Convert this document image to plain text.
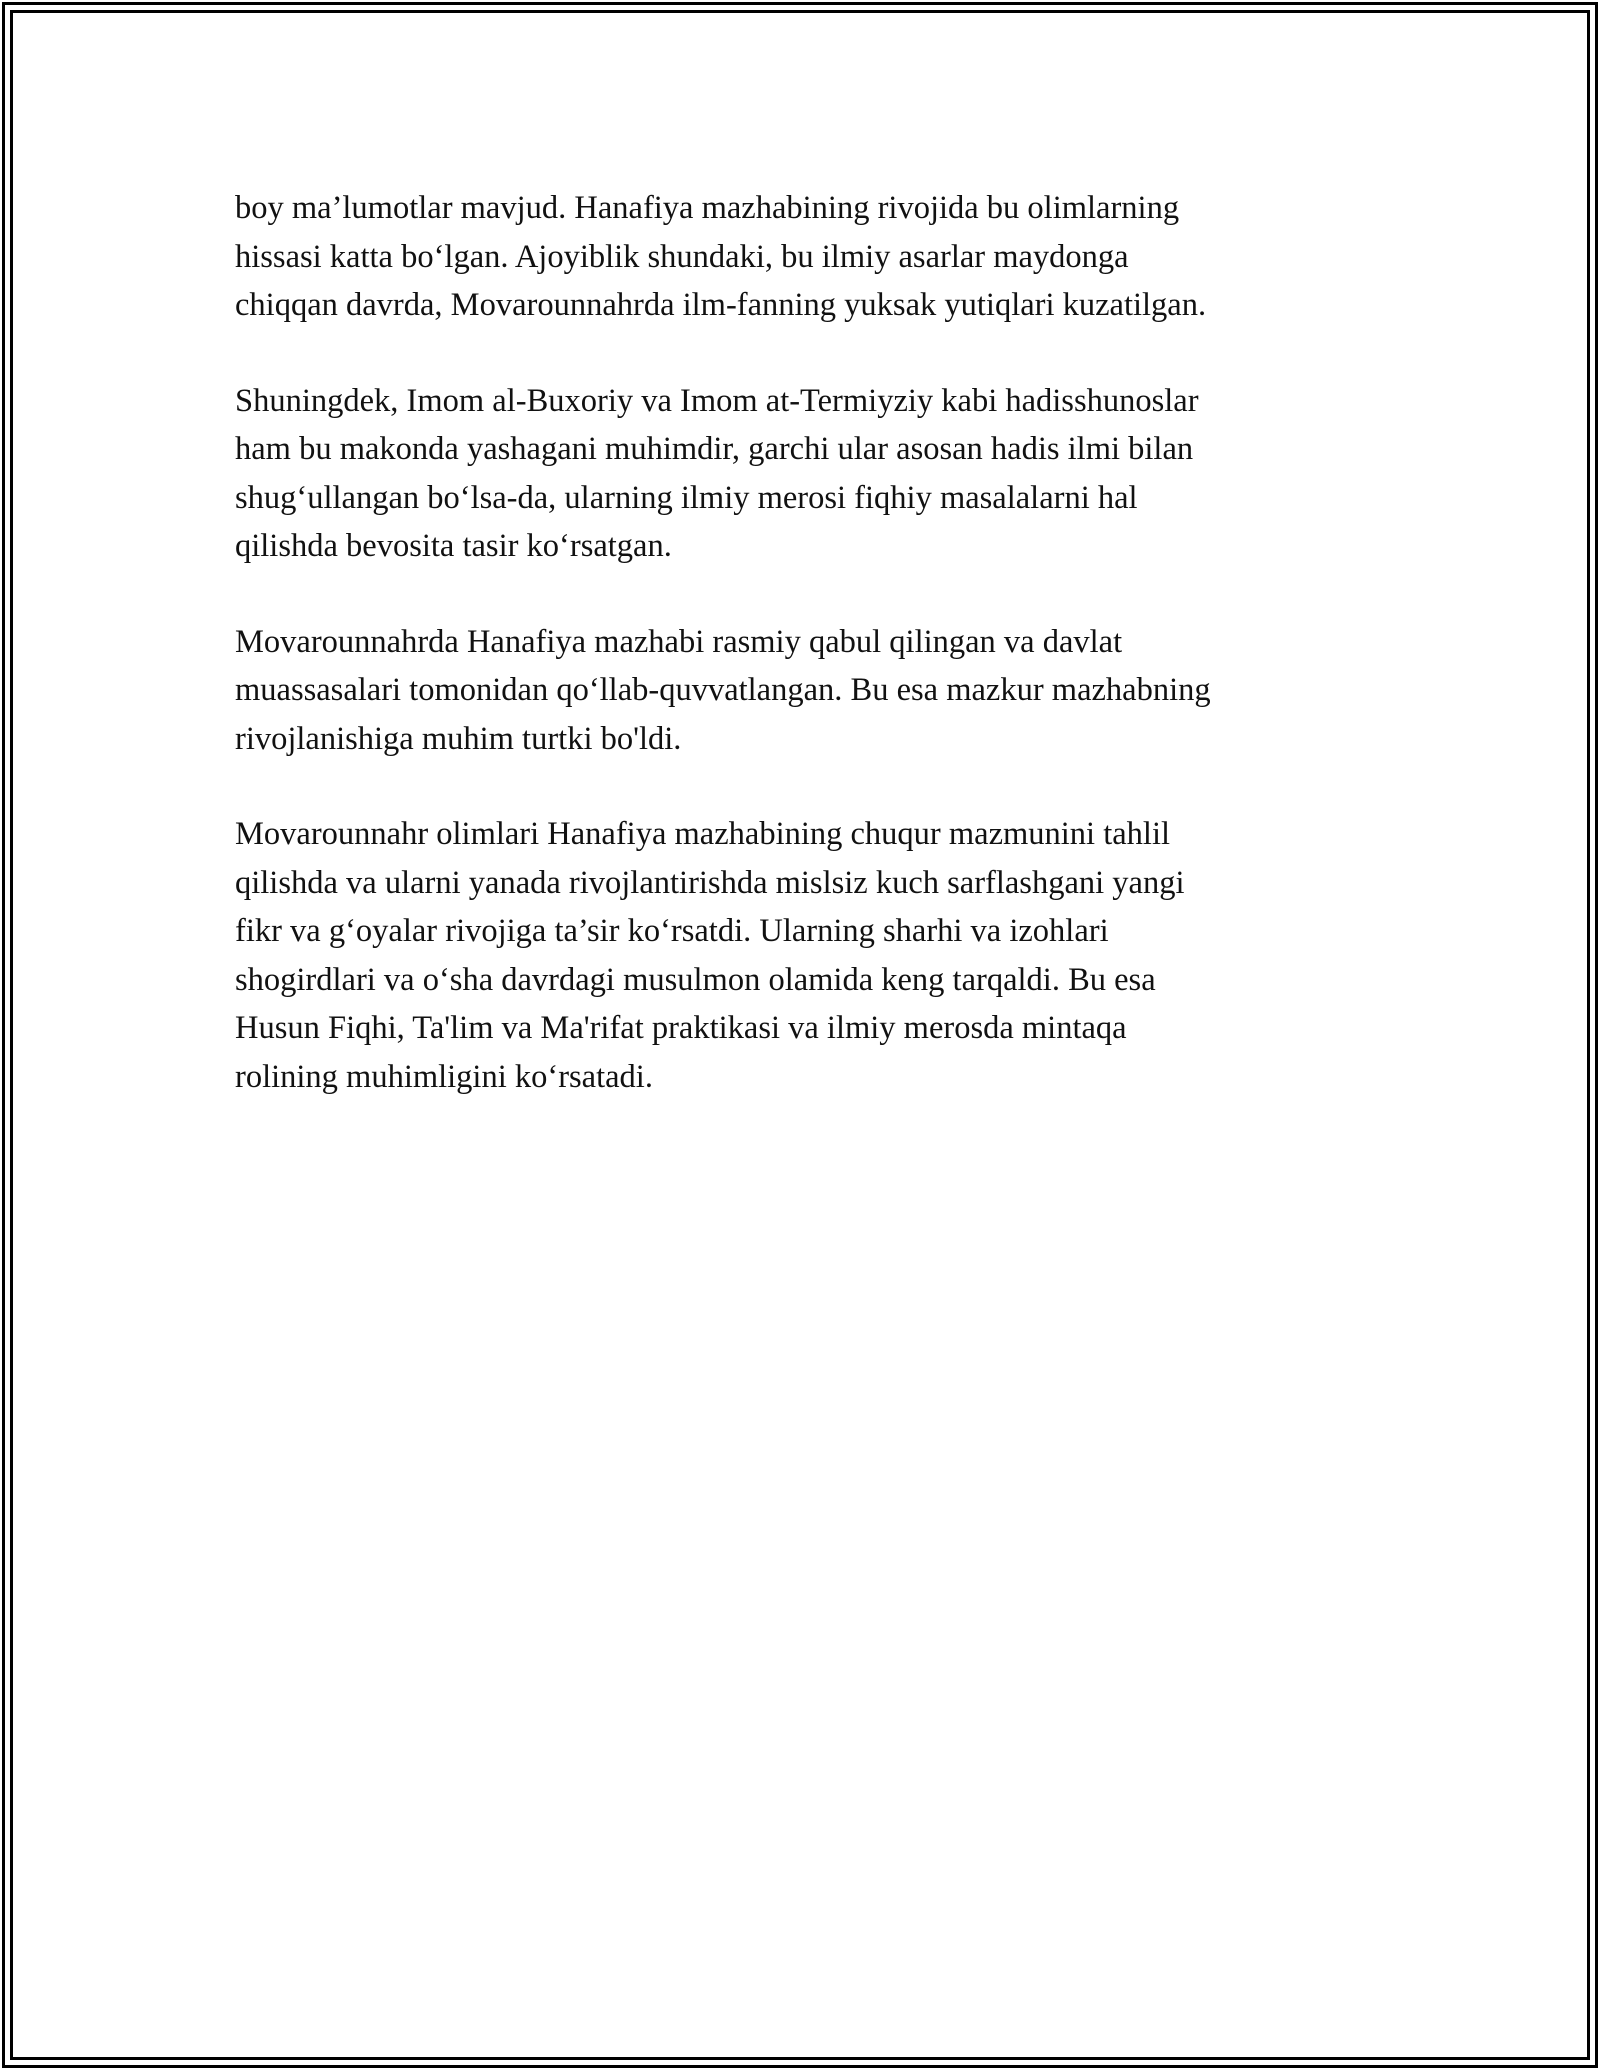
boy ma’lumotlar mavjud. Hanafiya mazhabining rivojida bu olimlarning
hissasi katta bo‘lgan. Ajoyiblik shundaki, bu ilmiy asarlar maydonga
chiqqan davrda, Movarounnahrda ilm-fanning yuksak yutiqlari kuzatilgan.

Shuningdek, Imom al-Buxoriy va Imom at-Termiyziy kabi hadisshunoslar
ham bu makonda yashagani muhimdir, garchi ular asosan hadis ilmi bilan
shug‘ullangan bo‘lsa-da, ularning ilmiy merosi fiqhiy masalalarni hal
qilishda bevosita tasir ko‘rsatgan.

Movarounnahrda Hanafiya mazhabi rasmiy qabul qilingan va davlat
muassasalari tomonidan qo‘llab-quvvatlangan. Bu esa mazkur mazhabning
rivojlanishiga muhim turtki bo'ldi.

Movarounnahr olimlari Hanafiya mazhabining chuqur mazmunini tahlil
qilishda va ularni yanada rivojlantirishda mislsiz kuch sarflashgani yangi
fikr va g‘oyalar rivojiga ta’sir ko‘rsatdi. Ularning sharhi va izohlari
shogirdlari va o‘sha davrdagi musulmon olamida keng tarqaldi. Bu esa
Husun Fiqhi, Ta'lim va Ma'rifat praktikasi va ilmiy merosda mintaqa
rolining muhimligini ko‘rsatadi.
